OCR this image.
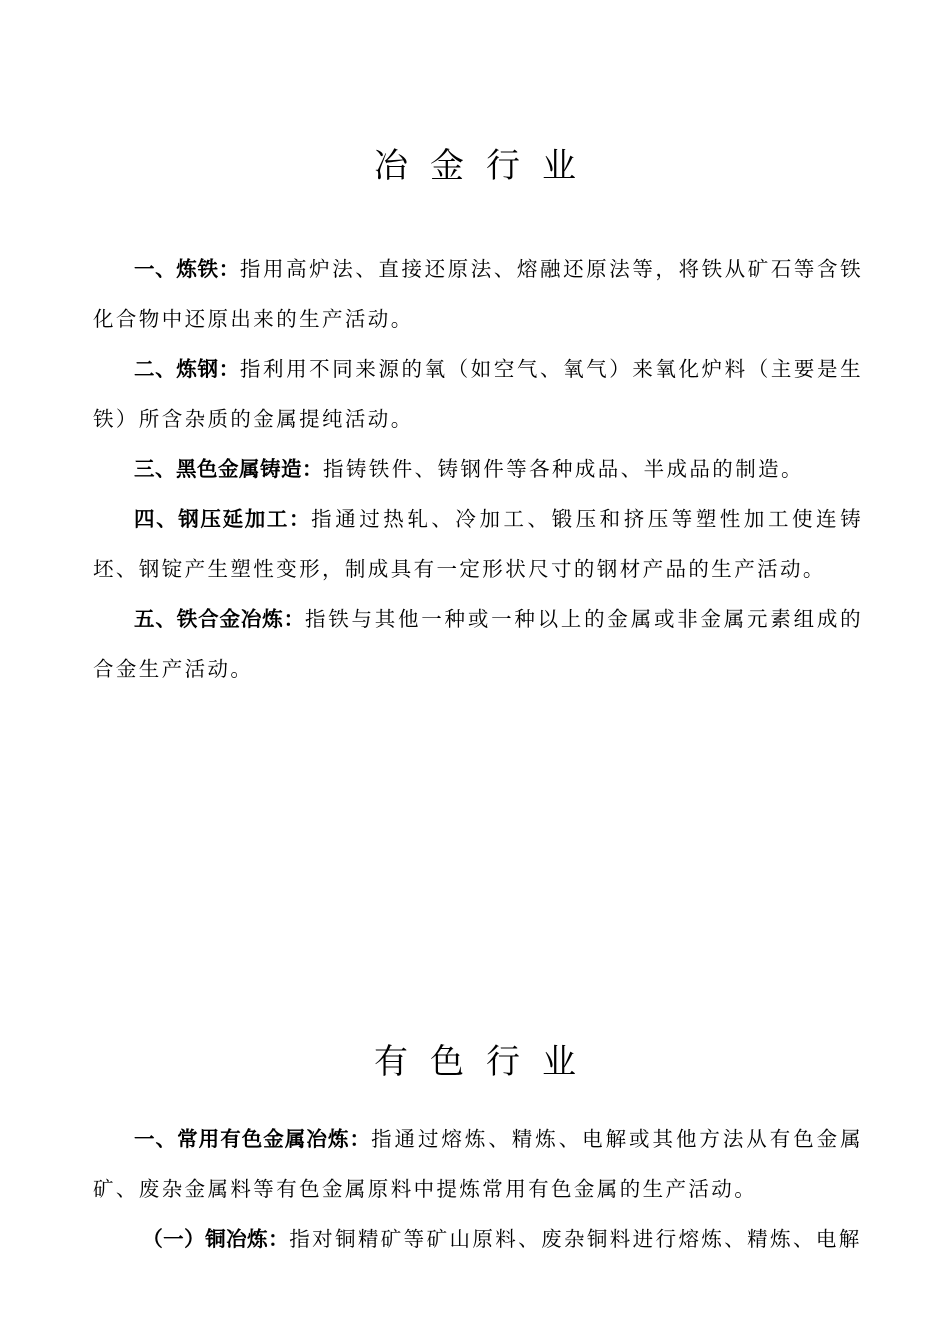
冶金行业

一、炼铁：指用高炉法、直接还原法、熔融还原法等，将铁从矿石等含铁化合物中还原出来的生产活动。

二、炼钢：指利用不同来源的氧（如空气、氧气）来氧化炉料（主要是生铁）所含杂质的金属提纯活动。

三、黑色金属铸造：指铸铁件、铸钢件等各种成品、半成品的制造。

四、钢压延加工：指通过热轧、冷加工、锻压和挤压等塑性加工使连铸坯、钢锭产生塑性变形，制成具有一定形状尺寸的钢材产品的生产活动。

五、铁合金冶炼：指铁与其他一种或一种以上的金属或非金属元素组成的合金生产活动。

有色行业

一、常用有色金属冶炼：指通过熔炼、精炼、电解或其他方法从有色金属矿、废杂金属料等有色金属原料中提炼常用有色金属的生产活动。

（一）铜冶炼：指对铜精矿等矿山原料、废杂铜料进行熔炼、精炼、电解
